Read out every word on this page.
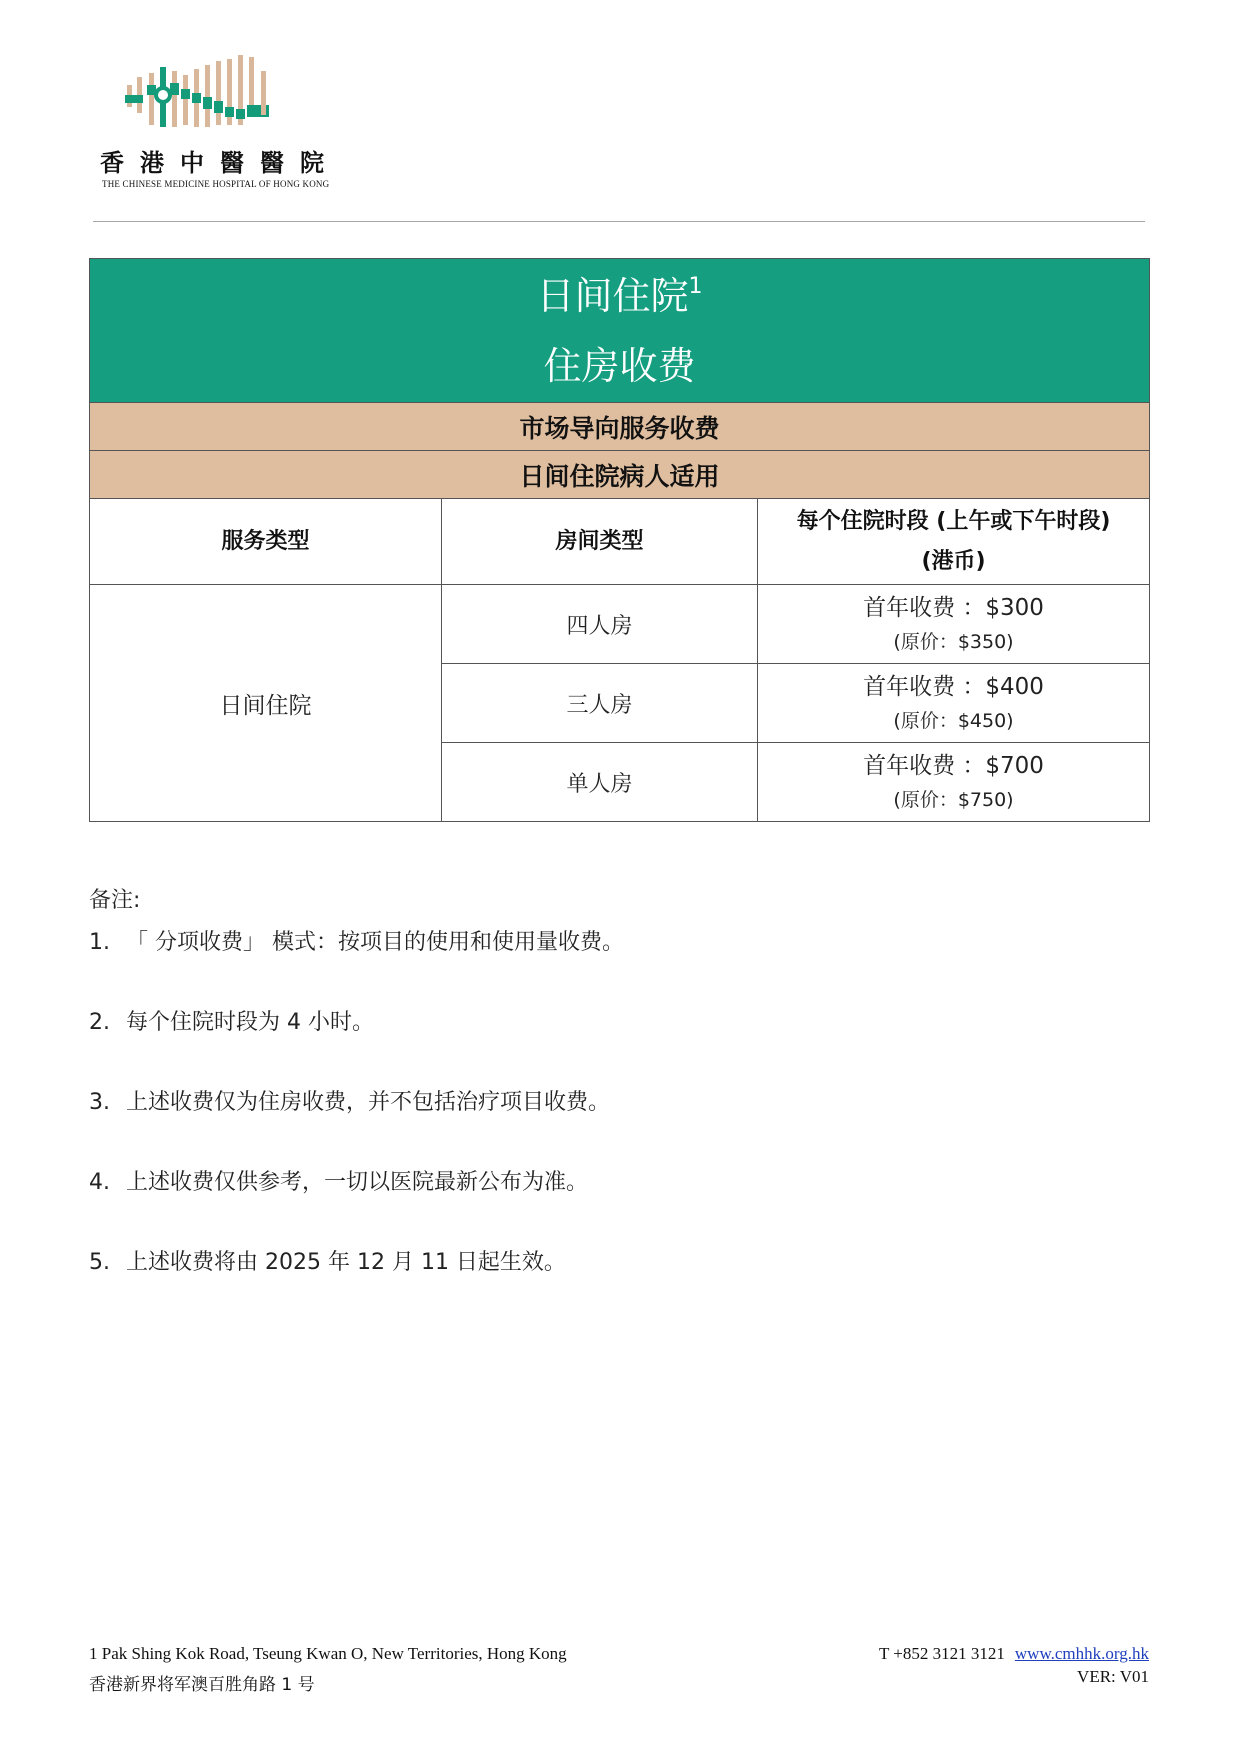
香港中醫醫院
THE CHINESE MEDICINE HOSPITAL OF HONG KONG
日间住院$^1$
住房收费		

市场导向服务收费		
日间住院病人适用		
服务类型	房间类型	每个住院时段 (上午或下午时段)
(港币)

日间住院	四人房	首年收费 ：$300
(原价：$350)

	三人房	首年收费 ：$400
(原价：$450)

	单人房	首年收费 ：$700
(原价：$750)
备注:
1. 「 分项收费」 模式：按项目的使用和使用量收费。
2. 每个住院时段为 4 小时。
3. 上述收费仅为住房收费，并不包括治疗项目收费。
4. 上述收费仅供参考，一切以医院最新公布为准。
5. 上述收费将由 2025 年 12 月 11 日起生效。
1 Pak Shing Kok Road, Tseung Kwan O, New Territories, Hong Kong
香港新界将军澳百胜角路 1 号
T +852 3121 3121 www.cmhhk.org.hk
VER: V01
